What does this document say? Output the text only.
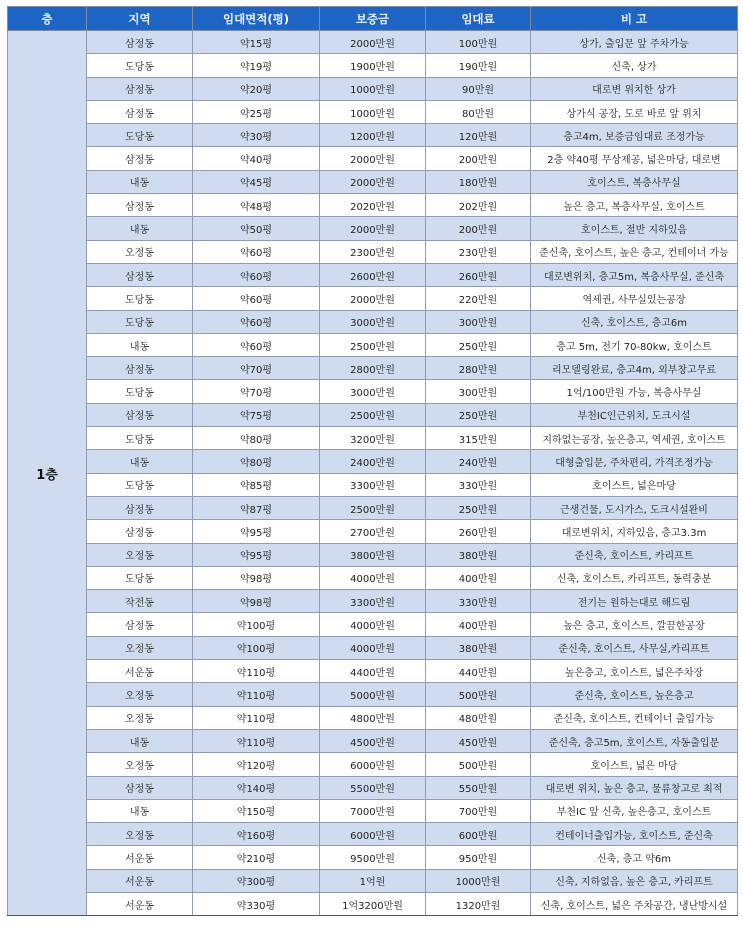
층	지역	임대면적(평)	보증금	임대료	비 고
1층	삼정동	약15평	2000만원	100만원	상가, 출입문 앞 주차가능
	도당동	약19평	1900만원	190만원	신축, 상가
	삼정동	약20평	1000만원	90만원	대로변 위치한 상가
	삼정동	약25평	1000만원	80만원	상가식 공장, 도로 바로 앞 위치
	도당동	약30평	1200만원	120만원	층고4m, 보증금임대료 조정가능
	삼정동	약40평	2000만원	200만원	2층 약40평 무상제공, 넓은마당, 대로변
	내동	약45평	2000만원	180만원	호이스트, 복층사무실
	삼정동	약48평	2020만원	202만원	높은 층고, 복층사무실, 호이스트
	내동	약50평	2000만원	200만원	호이스트, 절반 지하있음
	오정동	약60평	2300만원	230만원	준신축, 호이스트, 높은 층고, 컨테이너 가능
	삼정동	약60평	2600만원	260만원	대로변위치, 층고5m, 복층사무실, 준신축
	도당동	약60평	2000만원	220만원	역세권, 사무실있는공장
	도당동	약60평	3000만원	300만원	신축, 호이스트, 층고6m
	내동	약60평	2500만원	250만원	층고 5m, 전기 70-80kw, 호이스트
	삼정동	약70평	2800만원	280만원	리모델링완료, 층고4m, 외부창고무료
	도당동	약70평	3000만원	300만원	1억/100만원 가능, 복층사무실
	삼정동	약75평	2500만원	250만원	부천IC인근위치, 도크시설
	도당동	약80평	3200만원	315만원	지하없는공장, 높은층고, 역세권, 호이스트
	내동	약80평	2400만원	240만원	대형출입문, 주차편리, 가격조정가능
	도당동	약85평	3300만원	330만원	호이스트, 넓은마당
	삼정동	약87평	2500만원	250만원	근생건물, 도시가스, 도크시설완비
	삼정동	약95평	2700만원	260만원	대로변위치, 지하있음, 층고3.3m
	오정동	약95평	3800만원	380만원	준신축, 호이스트, 카리프트
	도당동	약98평	4000만원	400만원	신축, 호이스트, 카리프트, 동력충분
	작전동	약98평	3300만원	330만원	전기는 원하는대로 해드림
	삼정동	약100평	4000만원	400만원	높은 층고, 호이스트, 깔끔한공장
	오정동	약100평	4000만원	380만원	준신축, 호이스트, 사무실,카리프트
	서운동	약110평	4400만원	440만원	높은층고, 호이스트, 넓은주차장
	오정동	약110평	5000만원	500만원	준신축, 호이스트, 높은층고
	오정동	약110평	4800만원	480만원	준신축, 호이스트, 컨테이너 출입가능
	내동	약110평	4500만원	450만원	준신축, 층고5m, 호이스트, 자동출입문
	오정동	약120평	6000만원	500만원	호이스트, 넓은 마당
	삼정동	약140평	5500만원	550만원	대로변 위치, 높은 층고, 물류창고로 최적
	내동	약150평	7000만원	700만원	부천IC 앞 신축, 높은층고, 호이스트
	오정동	약160평	6000만원	600만원	컨테이너출입가능, 호이스트, 준신축
	서운동	약210평	9500만원	950만원	신축, 층고 약6m
	서운동	약300평	1억원	1000만원	신축, 지하없음, 높은 층고, 카리프트
	서운동	약330평	1억3200만원	1320만원	신축, 호이스트, 넓은 주차공간, 냉난방시설
